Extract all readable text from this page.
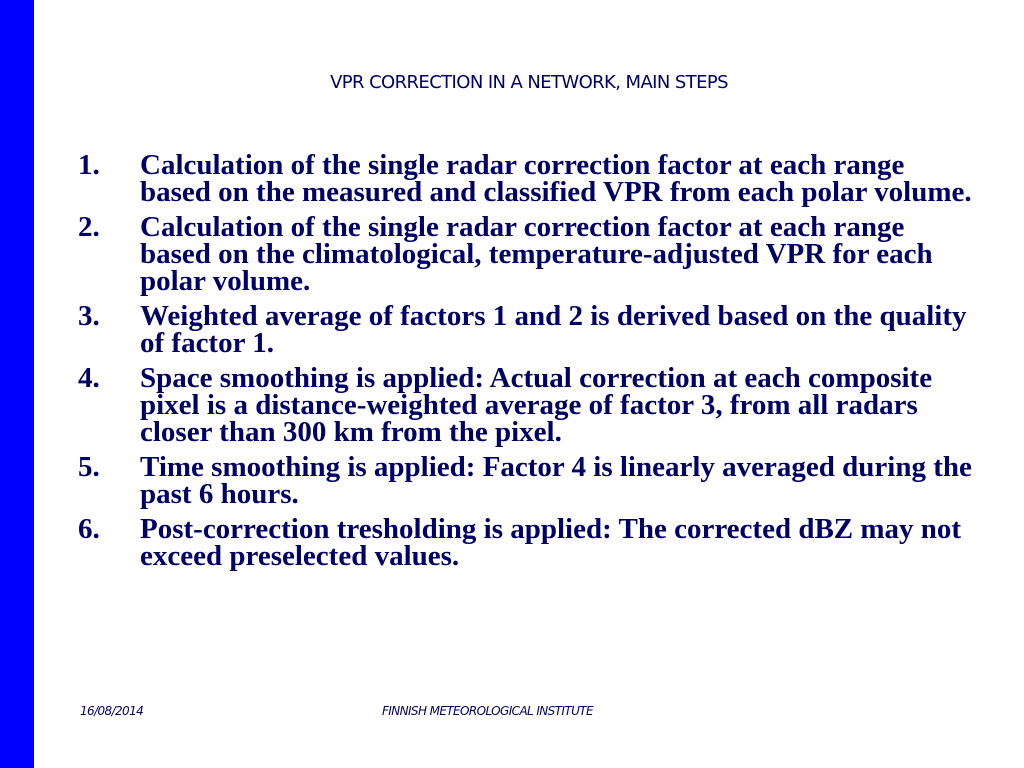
VPR CORRECTION IN A NETWORK, MAIN STEPS
1.	Calculation of the single radar correction factor at each range based on the measured and classified VPR from each polar volume.
2.	Calculation of the single radar correction factor at each range based on the climatological, temperature-adjusted VPR for each polar volume.
3.	Weighted average of factors 1 and 2 is derived based on the quality of factor 1.
4.	Space smoothing is applied: Actual correction at each composite pixel is a distance-weighted average of factor 3, from all radars closer than 300 km from the pixel.
5.	Time smoothing is applied: Factor 4 is linearly averaged during the past 6 hours.
6.	Post-correction tresholding is applied: The corrected dBZ may not exceed preselected values.
16/08/2014	FINNISH METEOROLOGICAL INSTITUTE
